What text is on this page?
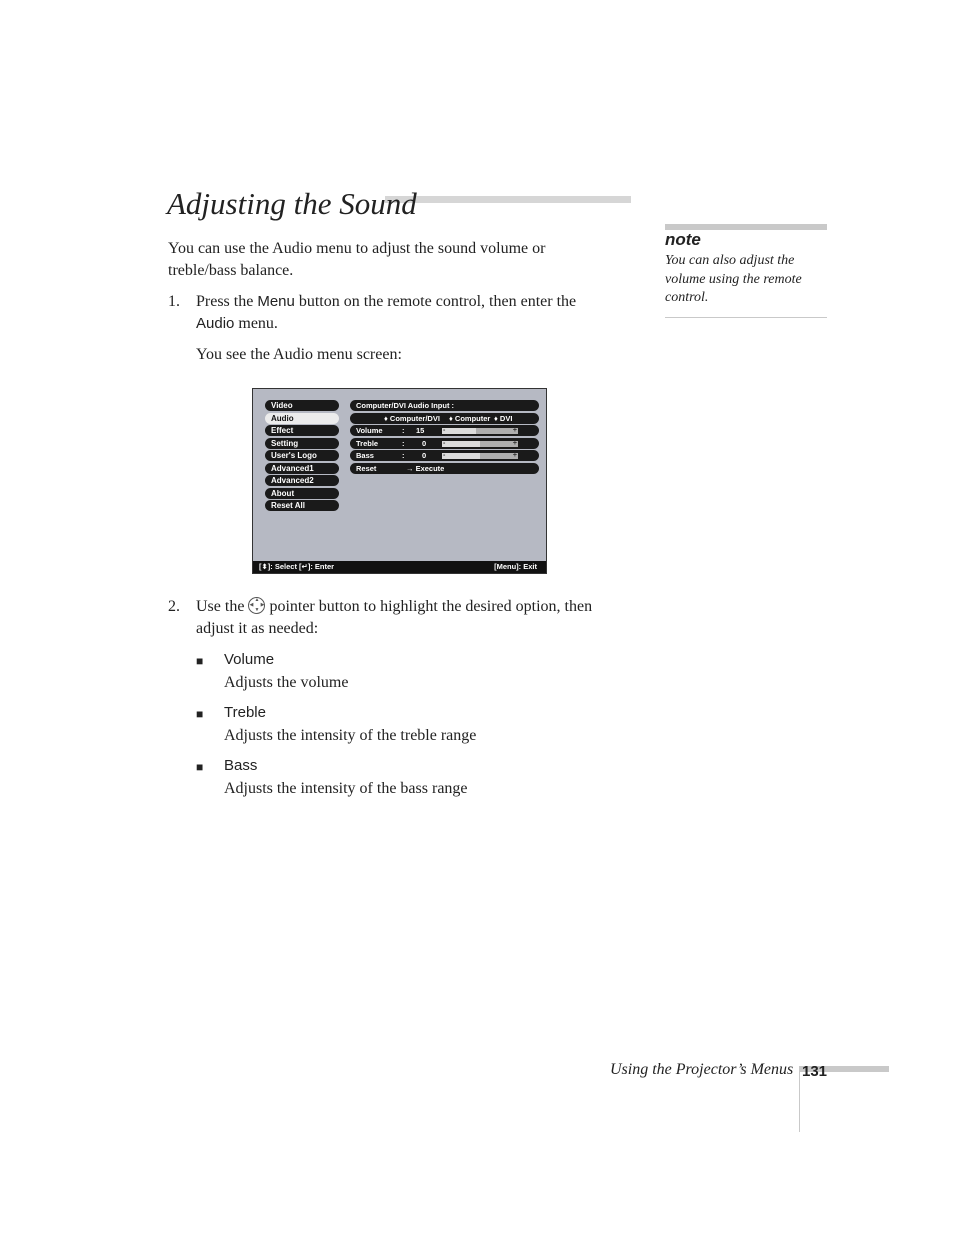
Adjusting the Sound
You can use the Audio menu to adjust the sound volume or treble/bass balance.
1. Press the Menu button on the remote control, then enter the
Audio menu.
You see the Audio menu screen:
Video
Audio
Effect
Setting
User's Logo
Advanced1
Advanced2
About
Reset All
Computer/DVI Audio Input :
♦ Computer/DVI ♦ Computer ♦ DVI
Volume	: 15	-	+
Treble	: 0 -	+
Bass	: 0 -	+
Reset	→ Execute
[⬍]: Select [↵]: Enter	[Menu]: Exit
2. Use the ▲
▼
◀ ▶ pointer button to highlight the desired option, then
adjust it as needed:
■ Volume
Adjusts the volume
■ Treble
Adjusts the intensity of the treble range
■ Bass
Adjusts the intensity of the bass range
note
You can also adjust the volume using the remote control.
Using the Projector’s Menus 131
